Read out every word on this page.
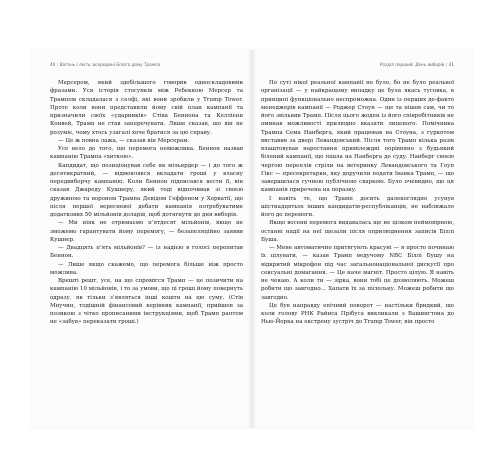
40 | Вогонь і лють: всередині Білого дому Трампа

Мерсером, який здебільшого говорив односкладовими фразами. Уся історія стосунків між Ребеккою Мерсер та Трампом складалася з селфі, які вони зробили у Trump Tower. Проте коли вони представили йому свій план кампанії та призначили своїх «ударників» Стіва Беннона та Келлієнн Конвей, Трамп не став заперечувати. Лише сказав, що він не розуміє, чому хтось узагалі хоче братися за цю справу.

— Це ж повна лажа, — сказав він Мерсерам.

Усе вело до того, що перемога неможлива. Беннон назвав кампанію Трампа «хиткою».

Кандидат, що позиціонував себе як мільярдер — і до того ж десятикратний, — відмовлявся вкладати гроші у власну передвиборчу кампанію. Коли Беннон підписався вести її, він сказав Джареду Кушнеру, який тоді відпочивав зі своєю дружиною та вороном Трампа Девідом Геффеном у Хорватії, що після першої вересневої дебати кампанія потребуватиме додаткових 50 мільйонів доларів, щоб дотягнути до дня виборів.

— Ми ніяк не отримаємо п’ятдесят мільйонів, якщо не зможемо гарантувати йому перемогу, — безапеляційно заявив Кушнер.

— Двадцять п’ять мільйонів? — із надією в голосі перепитав Беннон.

— Лише якщо скажемо, що перемога більше ніж просто можлива.

Врешті решт, усе, на що спромігся Трамп — це позичити на кампанію 10 мільйонів, і то за умови, що ці гроші йому повернуть одразу, як тільки з’являться інші кошти на цю суму. (Стів Мнучин, тодішній фінансовий керівник кампанії, прийшов за позикою з чітко прописаними інструкціями, щоб Трамп раптом не «забув» переказати гроші.)

Розділ перший. День виборів | 41

По суті нікої реальної кампанії не було, бо не було реальної організації — у найкращому випадку це була якась тусовка, в принципі функціонально неспроможна. Один із перших де-факто менеджерів кампанії — Роджер Стоун — ще та пішов сам, чи то його звільнив Трамп. Після цього жоден із його співробітників не оминав можливості прилюдно вказати лиценого. Помічника Трампа Сема Нанберга, який працював на Стоуна, з гуркотом виставив за двері Левандовський. Після того Трамп кілька разів влаштовував наростання примілеждні порівняно з будьякий білений кампанії, що пішла на Нанберга до суду. Нанберг своєю чергою переплів стріли на ветеринку Левандовського та Гоуп Гікс — пресекретарки, яку доручили подати Іванка Трамп, — що завершилася гучною публічною сваркою. Було очевидно, що ця кампанія приречена на поразку.

І навіть те, що Трамп досить далекоглядно усунув шістнадцятьох інших кандидатів-республіканців, не наближало його до перемоги.

Якщо восени перемога видавалась ще не цілком неймовірною, останні надії на неї щезали після оприлюднення записів Біллі Буша.

— Мене автоматично притягують красуні — я просто починаю їх цілувати, — казав Трамп ведучому NBC Біллі Бушу на відкритий мікрофон під час загальнонаціональної дискусії про сексуальні домагання. — Це наче магніт. Просто цілую. Я навіть не чекаю. А коли ти — зірка, вони тобі це дозволяють. Можеш робити що завгодно... Хапати їх за пісюльку. Можеш робити що завгодно.

Це був направду епічний поворот — настільки бридкий, що коли голову РНК Райнса Прібуса викликали з Вашингтона до Нью-Йорка на екстрену зустріч до Trump Tower, він просто
